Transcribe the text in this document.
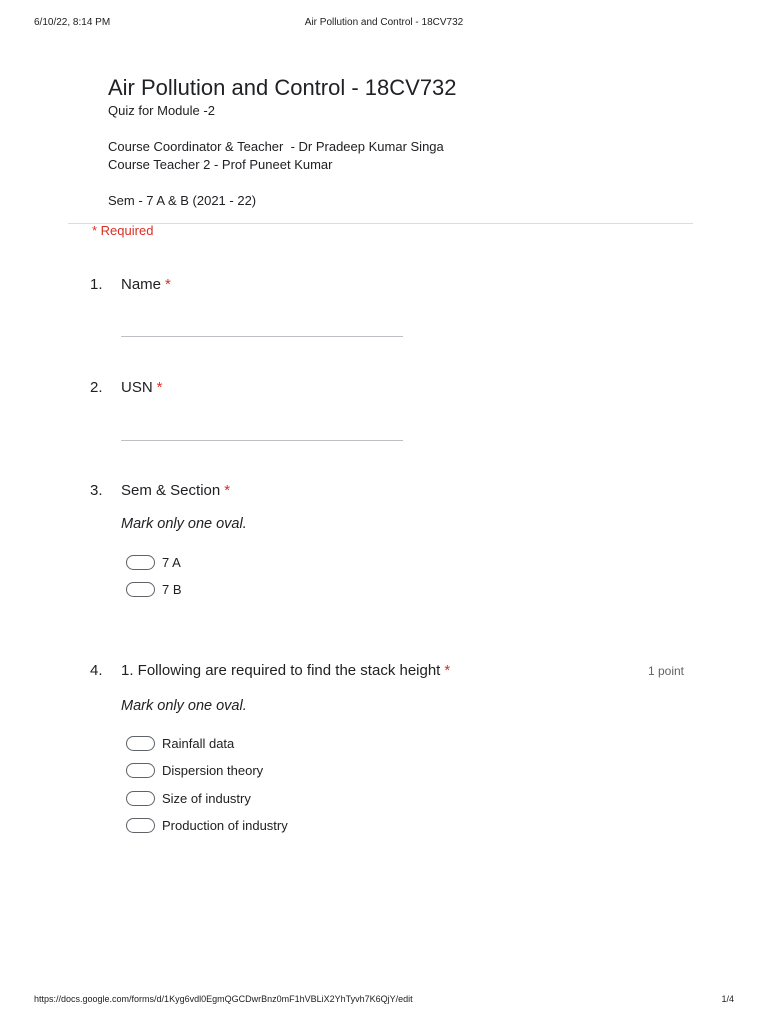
6/10/22, 8:14 PM	Air Pollution and Control - 18CV732
Air Pollution and Control - 18CV732
Quiz for Module -2
Course Coordinator & Teacher  - Dr Pradeep Kumar Singa
Course Teacher 2 - Prof Puneet Kumar
Sem - 7 A & B (2021 - 22)
* Required
1. Name *
2. USN *
3. Sem & Section *
Mark only one oval.
7 A
7 B
4. 1. Following are required to find the stack height *	1 point
Mark only one oval.
Rainfall data
Dispersion theory
Size of industry
Production of industry
https://docs.google.com/forms/d/1Kyg6vdl0EgmQGCDwrBnz0mF1hVBLiX2YhTyvh7K6QjY/edit	1/4
